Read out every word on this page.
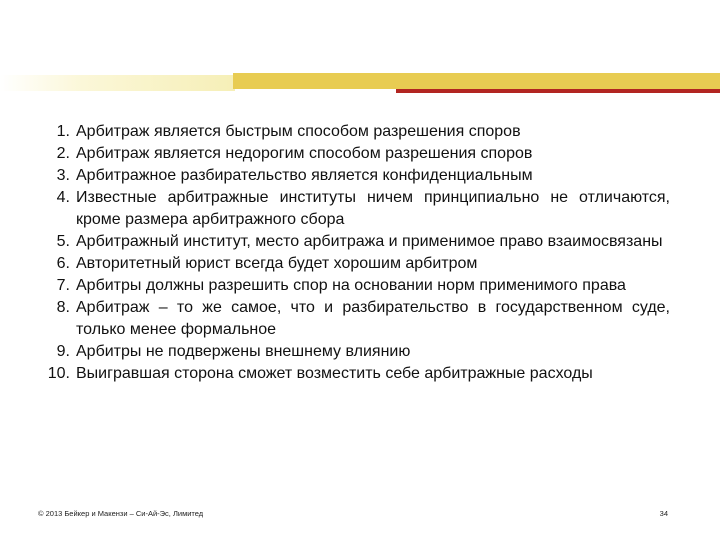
1. Арбитраж является быстрым способом разрешения споров
2. Арбитраж является недорогим способом разрешения споров
3. Арбитражное разбирательство является конфиденциальным
4. Известные арбитражные институты ничем принципиально не отличаются, кроме размера арбитражного сбора
5. Арбитражный институт, место арбитража и применимое право взаимосвязаны
6. Авторитетный юрист всегда будет хорошим арбитром
7. Арбитры должны разрешить спор на основании норм применимого права
8. Арбитраж – то же самое, что и разбирательство в государственном суде, только менее формальное
9. Арбитры не подвержены внешнему влиянию
10. Выигравшая сторона сможет возместить себе арбитражные расходы
© 2013 Бейкер и Макензи – Си-Ай-Эс, Лимитед	34
